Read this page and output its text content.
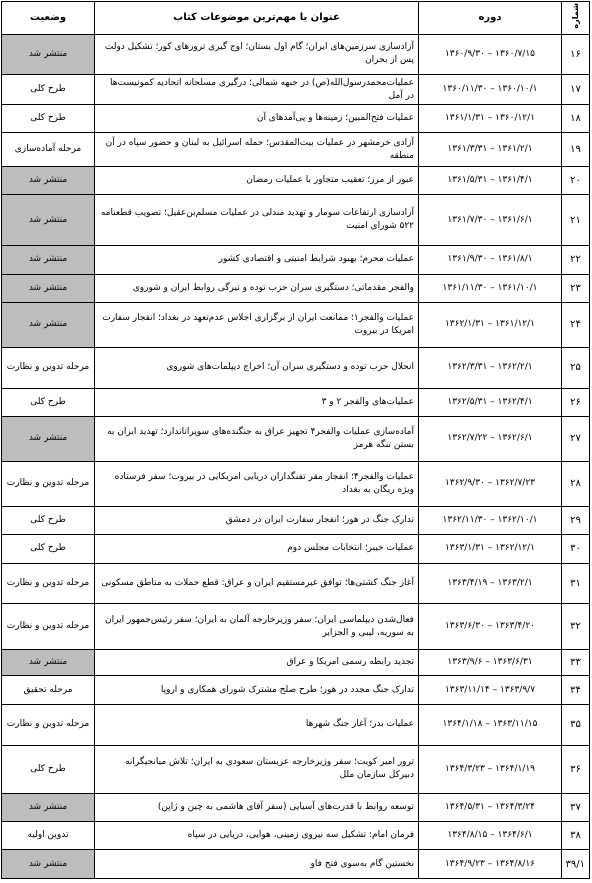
شماره	دوره	عنوان یا مهم‌ترین موضوعات کتاب	وضعیت
۱۶	۱۳۶۰/۷/۱۵ – ۱۳۶۰/۹/۳۰	آزادسازی سرزمین‌های ایران؛ گام اول بستان؛ اوج گیری ترورهای کور؛ تشکیل دولت پس از بحران	منتشر شد
۱۷	۱۳۶۰/۱۰/۱ – ۱۳۶۰/۱۱/۳۰	عملیات‌محمدرسول‌الله(ص) در جبهه شمالی؛ درگیری مسلحانه اتحادیه کمونیست‌ها در آمل	طرح کلی
۱۸	۱۳۶۰/۱۲/۱ – ۱۳۶۱/۱/۳۱	عملیات فتح‌المبین؛ زمینه‌ها و پی‌آمدهای آن	طرح کلی
۱۹	۱۳۶۱/۲/۱ – ۱۳۶۱/۳/۳۱	آزادی خرمشهر در عملیات بیت‌المقدس؛ حمله اسرائیل به لبنان و حضور سپاه در آن منطقه	مرحله آماده‌سازی
۲۰	۱۳۶۱/۴/۱ – ۱۳۶۱/۵/۳۱	عبور از مرز؛ تعقیب متجاوز با عملیات رمضان	منتشر شد
۲۱	۱۳۶۱/۶/۱ – ۱۳۶۱/۷/۳۰	آزادسازی ارتفاعات سومار و تهدید مندلی در عملیات مسلم‌بن‌عقیل؛ تصویب قطعنامه ۵۲۲ شورای امنیت	منتشر شد
۲۲	۱۳۶۱/۸/۱ – ۱۳۶۱/۹/۳۰	عملیات محرم؛ بهبود شرایط امنیتی و اقتصادی کشور	منتشر شد
۲۳	۱۳۶۱/۱۰/۱ – ۱۳۶۱/۱۱/۳۰	والفجر مقدماتی؛ دستگیری سران حزب توده و تیرگی روابط ایران و شوروی	منتشر شد
۲۴	۱۳۶۱/۱۲/۱ – ۱۳۶۲/۱/۳۱	عملیات والفجر۱؛ ممانعت ایران از برگزاری اجلاس عدم‌تعهد در بغداد؛ انفجار سفارت امریکا در بیروت	منتشر شد
۲۵	۱۳۶۲/۲/۱ – ۱۳۶۲/۳/۳۱	انحلال حزب توده و دستگیری سران آن؛ اخراج دیپلمات‌های شوروی	مرحله تدوین و نظارت
۲۶	۱۳۶۲/۴/۱ – ۱۳۶۲/۵/۳۱	عملیات‌های والفجر ۲ و ۳	طرح کلی
۲۷	۱۳۶۲/۶/۱ – ۱۳۶۲/۷/۲۲	آماده‌سازی عملیات والفجر۴ تجهیز عراق به جنگنده‌های سوپراتاندارد؛ تهدید ایران به بستن تنگه هرمز	منتشر شد
۲۸	۱۳۶۲/۷/۲۳ – ۱۳۶۲/۹/۳۰	عملیات والفجر۴؛ انفجار مقر تفنگداران دریایی امریکایی در بیروت؛ سفر فرستاده ویژه ریگان به بغداد	مرحله تدوین و نظارت
۲۹	۱۳۶۲/۱۰/۱ – ۱۳۶۲/۱۱/۳۰	تدارک جنگ در هور؛ انفجار سفارت ایران در دمشق	طرح کلی
۳۰	۱۳۶۲/۱۲/۱ – ۱۳۶۳/۱/۳۱	عملیات خیبر؛ انتخابات مجلس دوم	طرح کلی
۳۱	۱۳۶۳/۲/۱ – ۱۳۶۳/۴/۱۹	آغاز جنگ کشتی‌ها؛ توافق غیرمستقیم ایران و عراق: قطع حملات به مناطق مسکونی	مرحله تدوین و نظارت
۳۲	۱۳۶۳/۴/۲۰ – ۱۳۶۳/۶/۳۰	فعال‌شدن دیپلماسی ایران؛ سفر وزیرخارجه آلمان به ایران؛ سفر رئیس‌جمهور ایران به سوریه، لیبی و الجزایر	مرحله تدوین و نظارت
۳۳	۱۳۶۳/۶/۳۱ – ۱۳۶۳/۹/۶	تجدید رابطه رسمی امریکا و عراق	منتشر شد
۳۴	۱۳۶۳/۹/۷ – ۱۳۶۳/۱۱/۱۴	تدارک جنگ مجدد در هور؛ طرح صلح مشترک شورای همکاری و اروپا	مرحله تحقیق
۳۵	۱۳۶۳/۱۱/۱۵ – ۱۳۶۴/۱/۱۸	عملیات بدر؛ آغاز جنگ شهرها	مرحله تدوین و نظارت
۳۶	۱۳۶۴/۱/۱۹ – ۱۳۶۴/۳/۲۳	ترور امیر کویت؛ سفر وزیرخارجه عربستان سعودی به ایران؛ تلاش میانجیگرانه دبیرکل سازمان ملل	طرح کلی
۳۷	۱۳۶۴/۳/۲۴ – ۱۳۶۴/۵/۳۱	توسعه روابط با قدرت‌های آسیایی (سفر آقای هاشمی به چین و ژاپن)	منتشر شد
۳۸	۱۳۶۴/۶/۱ – ۱۳۶۴/۸/۱۵	فرمان امام: تشکیل سه نیروی زمینی، هوایی، دریایی در سپاه	تدوین اولیه
۳۹/۱	۱۳۶۴/۸/۱۶ – ۱۳۶۴/۹/۲۳	نخستین گام به‌سوی فتح فاو	منتشر شد
